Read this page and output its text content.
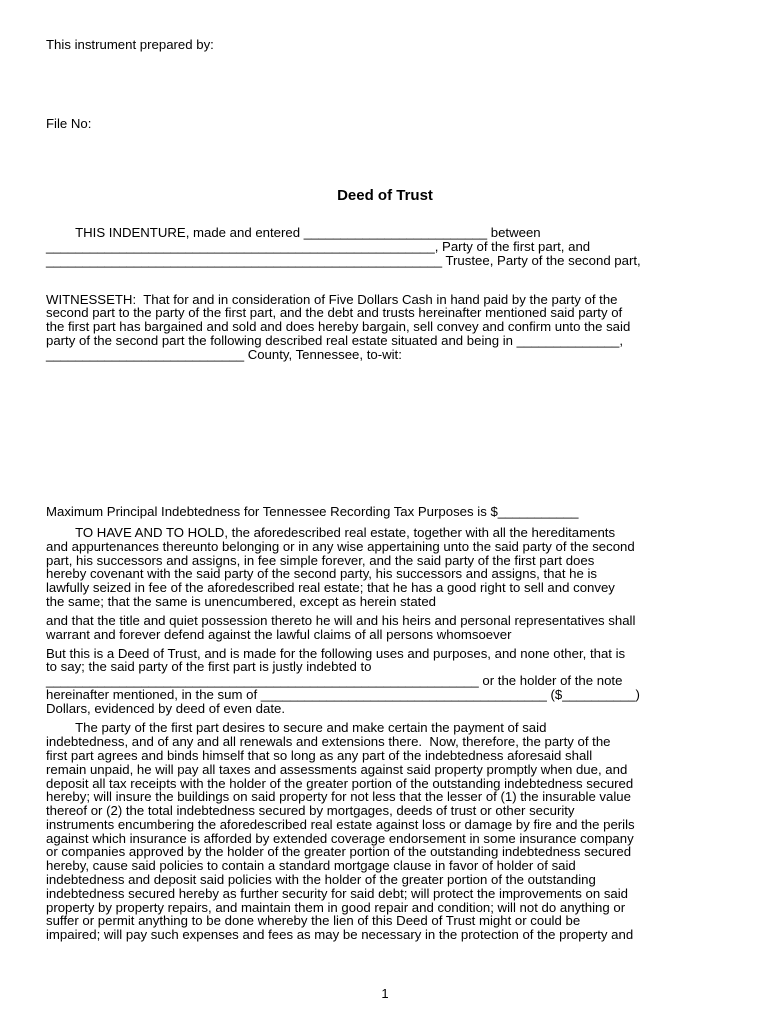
This instrument prepared by:

File No:

Deed of Trust

THIS INDENTURE, made and entered _________________________ between

_____________________________________________________, Party of the first part, and

______________________________________________________ Trustee, Party of the second part,

WITNESSETH:  That for and in consideration of Five Dollars Cash in hand paid by the party of the

second part to the party of the first part, and the debt and trusts hereinafter mentioned said party of

the first part has bargained and sold and does hereby bargain, sell convey and confirm unto the said

party of the second part the following described real estate situated and being in ______________,

___________________________ County, Tennessee, to-wit:

Maximum Principal Indebtedness for Tennessee Recording Tax Purposes is $___________

TO HAVE AND TO HOLD, the aforedescribed real estate, together with all the hereditaments

and appurtenances thereunto belonging or in any wise appertaining unto the said party of the second

part, his successors and assigns, in fee simple forever, and the said party of the first part does

hereby covenant with the said party of the second party, his successors and assigns, that he is

lawfully seized in fee of the aforedescribed real estate; that he has a good right to sell and convey

the same; that the same is unencumbered, except as herein stated

and that the title and quiet possession thereto he will and his heirs and personal representatives shall

warrant and forever defend against the lawful claims of all persons whomsoever

But this is a Deed of Trust, and is made for the following uses and purposes, and none other, that is

to say; the said party of the first part is justly indebted to

___________________________________________________________ or the holder of the note

hereinafter mentioned, in the sum of _______________________________________ ($__________)

Dollars, evidenced by deed of even date.

The party of the first part desires to secure and make certain the payment of said

indebtedness, and of any and all renewals and extensions there.  Now, therefore, the party of the

first part agrees and binds himself that so long as any part of the indebtedness aforesaid shall

remain unpaid, he will pay all taxes and assessments against said property promptly when due, and

deposit all tax receipts with the holder of the greater portion of the outstanding indebtedness secured

hereby; will insure the buildings on said property for not less that the lesser of (1) the insurable value

thereof or (2) the total indebtedness secured by mortgages, deeds of trust or other security

instruments encumbering the aforedescribed real estate against loss or damage by fire and the perils

against which insurance is afforded by extended coverage endorsement in some insurance company

or companies approved by the holder of the greater portion of the outstanding indebtedness secured

hereby, cause said policies to contain a standard mortgage clause in favor of holder of said

indebtedness and deposit said policies with the holder of the greater portion of the outstanding

indebtedness secured hereby as further security for said debt; will protect the improvements on said

property by property repairs, and maintain them in good repair and condition; will not do anything or

suffer or permit anything to be done whereby the lien of this Deed of Trust might or could be

impaired; will pay such expenses and fees as may be necessary in the protection of the property and

1
